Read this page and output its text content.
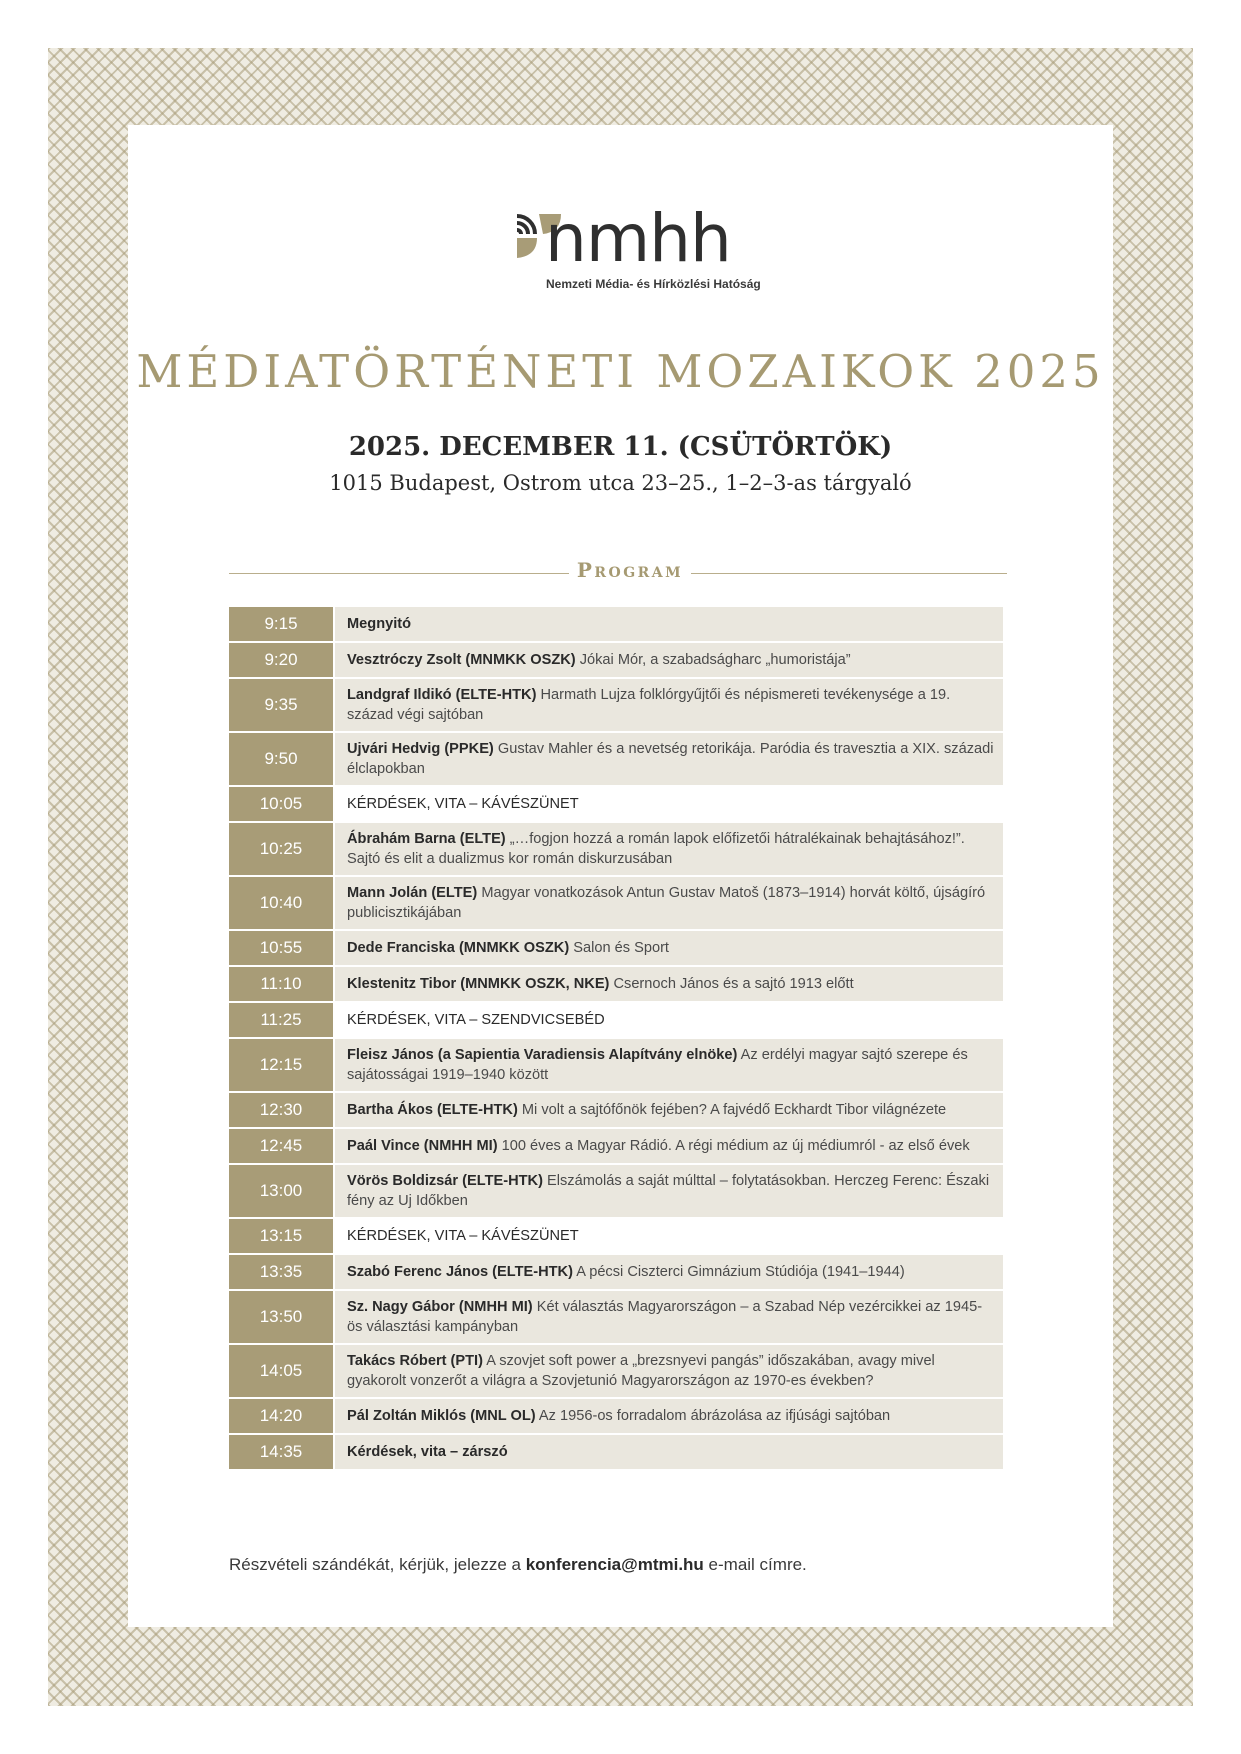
nmhh
Nemzeti Média- és Hírközlési Hatóság
MÉDIATÖRTÉNETI MOZAIKOK 2025
2025. DECEMBER 11. (CSÜTÖRTÖK)
1015 Budapest, Ostrom utca 23–25., 1–2–3-as tárgyaló
Program
9:15	Megnyitó
9:20	Vesztróczy Zsolt (MNMKK OSZK) Jókai Mór, a szabadságharc „humoristája”
9:35	Landgraf Ildikó (ELTE-HTK) Harmath Lujza folklórgyűjtői és népismereti tevékenysége a 19. század végi sajtóban
9:50	Ujvári Hedvig (PPKE) Gustav Mahler és a nevetség retorikája. Paródia és travesztia a XIX. századi élclapokban
10:05	KÉRDÉSEK, VITA – KÁVÉSZÜNET
10:25	Ábrahám Barna (ELTE) „…fogjon hozzá a román lapok előfizetői hátralékainak behajtásához!”. Sajtó és elit a dualizmus kor román diskurzusában
10:40	Mann Jolán (ELTE) Magyar vonatkozások Antun Gustav Matoš (1873–1914) horvát költő, újságíró publicisztikájában
10:55	Dede Franciska (MNMKK OSZK) Salon és Sport
11:10	Klestenitz Tibor (MNMKK OSZK, NKE) Csernoch János és a sajtó 1913 előtt
11:25	KÉRDÉSEK, VITA – SZENDVICSEBÉD
12:15	Fleisz János (a Sapientia Varadiensis Alapítvány elnöke) Az erdélyi magyar sajtó szerepe és sajátosságai 1919–1940 között
12:30	Bartha Ákos (ELTE-HTK) Mi volt a sajtófőnök fejében? A fajvédő Eckhardt Tibor világnézete
12:45	Paál Vince (NMHH MI) 100 éves a Magyar Rádió. A régi médium az új médiumról - az első évek
13:00	Vörös Boldizsár (ELTE-HTK) Elszámolás a saját múlttal – folytatásokban. Herczeg Ferenc: Északi fény az Uj Időkben
13:15	KÉRDÉSEK, VITA – KÁVÉSZÜNET
13:35	Szabó Ferenc János (ELTE-HTK) A pécsi Ciszterci Gimnázium Stúdiója (1941–1944)
13:50	Sz. Nagy Gábor (NMHH MI) Két választás Magyarországon – a Szabad Nép vezércikkei az 1945-ös választási kampányban
14:05	Takács Róbert (PTI) A szovjet soft power a „brezsnyevi pangás” időszakában, avagy mivel gyakorolt vonzerőt a világra a Szovjetunió Magyarországon az 1970-es években?
14:20	Pál Zoltán Miklós (MNL OL) Az 1956-os forradalom ábrázolása az ifjúsági sajtóban
14:35	Kérdések, vita – zárszó
Részvételi szándékát, kérjük, jelezze a konferencia@mtmi.hu e-mail címre.
